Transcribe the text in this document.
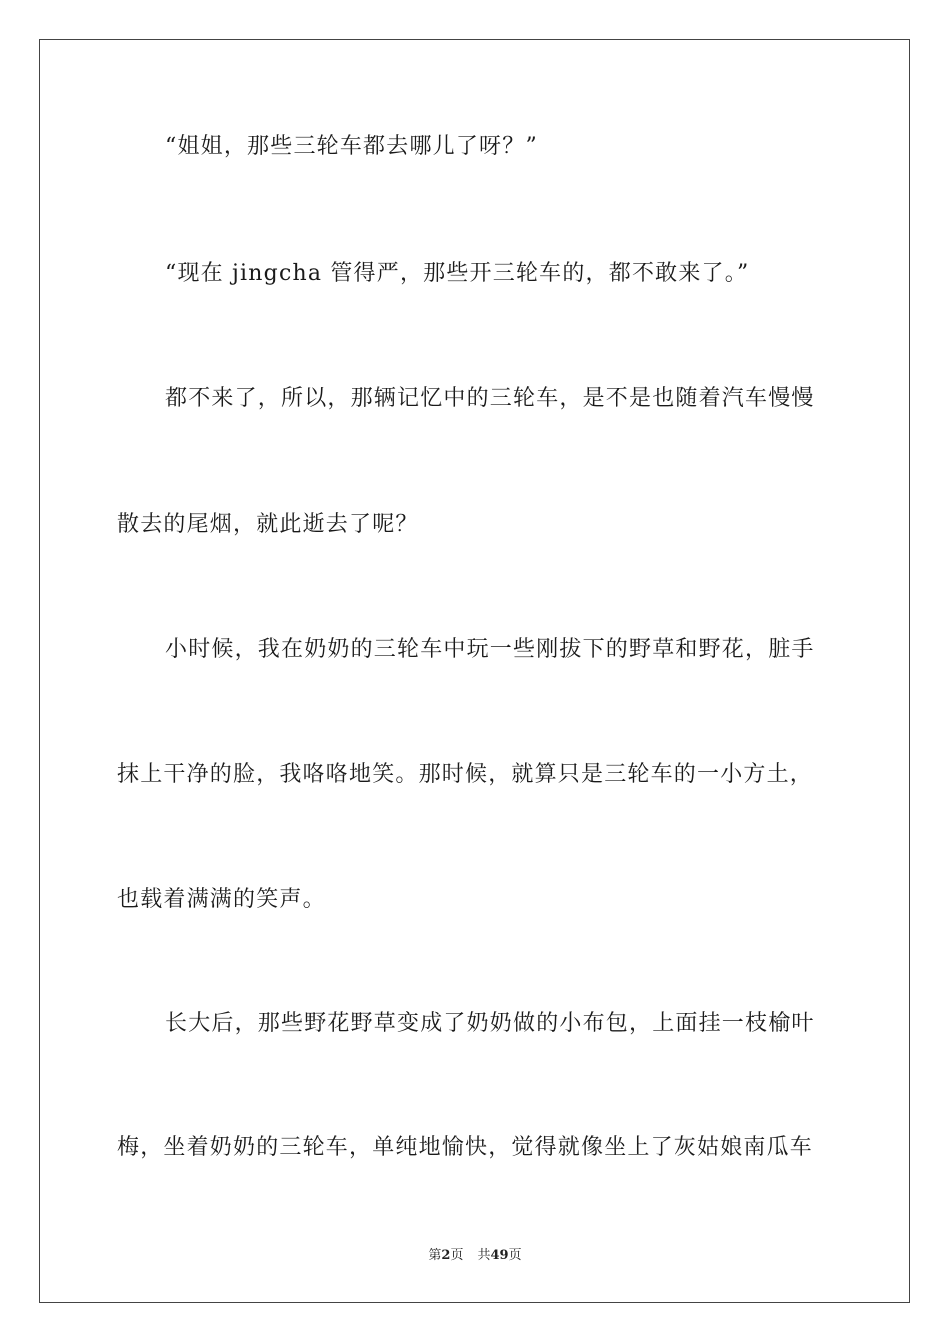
“姐姐，那些三轮车都去哪儿了呀？”
“现在 jingcha 管得严，那些开三轮车的，都不敢来了。”
都不来了，所以，那辆记忆中的三轮车，是不是也随着汽车慢慢
散去的尾烟，就此逝去了呢？
小时候，我在奶奶的三轮车中玩一些刚拔下的野草和野花，脏手
抹上干净的脸，我咯咯地笑。那时候，就算只是三轮车的一小方土，
也载着满满的笑声。
长大后，那些野花野草变成了奶奶做的小布包，上面挂一枝榆叶
梅，坐着奶奶的三轮车，单纯地愉快，觉得就像坐上了灰姑娘南瓜车
第2页 共49页
